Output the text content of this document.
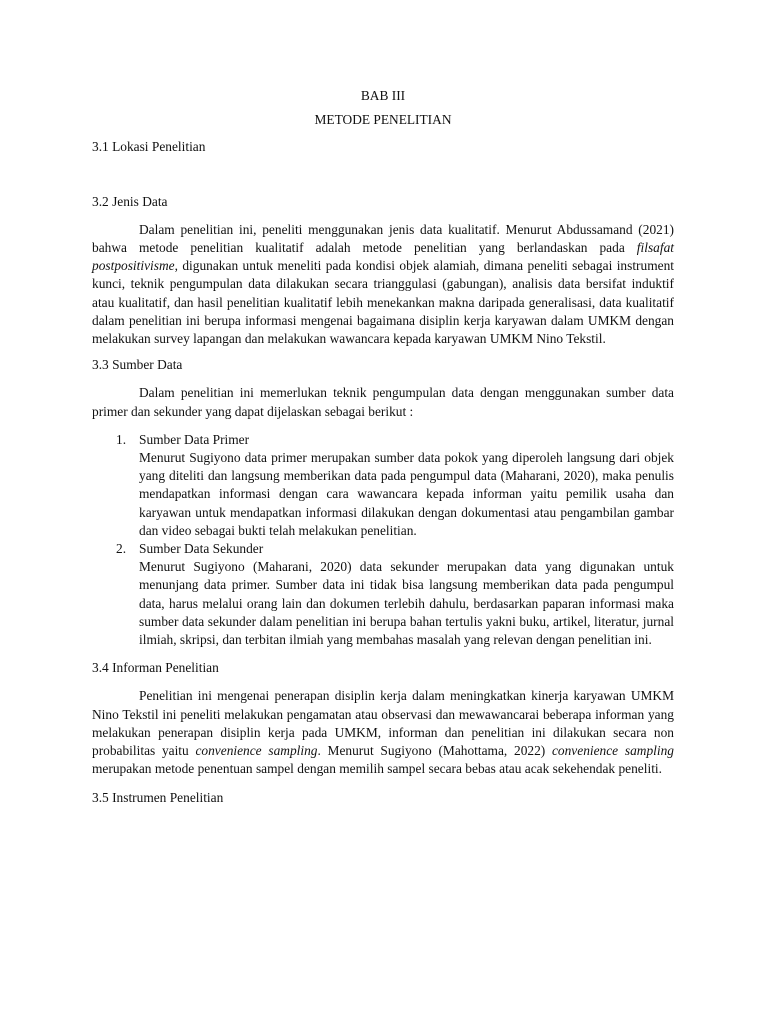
BAB III

METODE PENELITIAN

3.1 Lokasi Penelitian

3.2 Jenis Data

Dalam penelitian ini, peneliti menggunakan jenis data kualitatif. Menurut Abdussamand (2021) bahwa metode penelitian kualitatif adalah metode penelitian yang berlandaskan pada filsafat postpositivisme, digunakan untuk meneliti pada kondisi objek alamiah, dimana peneliti sebagai instrument kunci, teknik pengumpulan data dilakukan secara trianggulasi (gabungan), analisis data bersifat induktif atau kualitatif, dan hasil penelitian kualitatif lebih menekankan makna daripada generalisasi, data kualitatif dalam penelitian ini berupa informasi mengenai bagaimana disiplin kerja karyawan dalam UMKM dengan melakukan survey lapangan dan melakukan wawancara kepada karyawan UMKM Nino Tekstil.

3.3 Sumber Data

Dalam penelitian ini memerlukan teknik pengumpulan data dengan menggunakan sumber data primer dan sekunder yang dapat dijelaskan sebagai berikut :

1. Sumber Data Primer

Menurut Sugiyono data primer merupakan sumber data pokok yang diperoleh langsung dari objek yang diteliti dan langsung memberikan data pada pengumpul data (Maharani, 2020), maka penulis mendapatkan informasi dengan cara wawancara kepada informan yaitu pemilik usaha dan karyawan untuk mendapatkan informasi dilakukan dengan dokumentasi atau pengambilan gambar dan video sebagai bukti telah melakukan penelitian.

2. Sumber Data Sekunder

Menurut Sugiyono (Maharani, 2020) data sekunder merupakan data yang digunakan untuk menunjang data primer. Sumber data ini tidak bisa langsung memberikan data pada pengumpul data, harus melalui orang lain dan dokumen terlebih dahulu, berdasarkan paparan informasi maka sumber data sekunder dalam penelitian ini berupa bahan tertulis yakni buku, artikel, literatur, jurnal ilmiah, skripsi, dan terbitan ilmiah yang membahas masalah yang relevan dengan penelitian ini.

3.4 Informan Penelitian

Penelitian ini mengenai penerapan disiplin kerja dalam meningkatkan kinerja karyawan UMKM Nino Tekstil ini peneliti melakukan pengamatan atau observasi dan mewawancarai beberapa informan yang melakukan penerapan disiplin kerja pada UMKM, informan dan penelitian ini dilakukan secara non probabilitas yaitu convenience sampling. Menurut Sugiyono (Mahottama, 2022) convenience sampling merupakan metode penentuan sampel dengan memilih sampel secara bebas atau acak sekehendak peneliti.

3.5 Instrumen Penelitian
